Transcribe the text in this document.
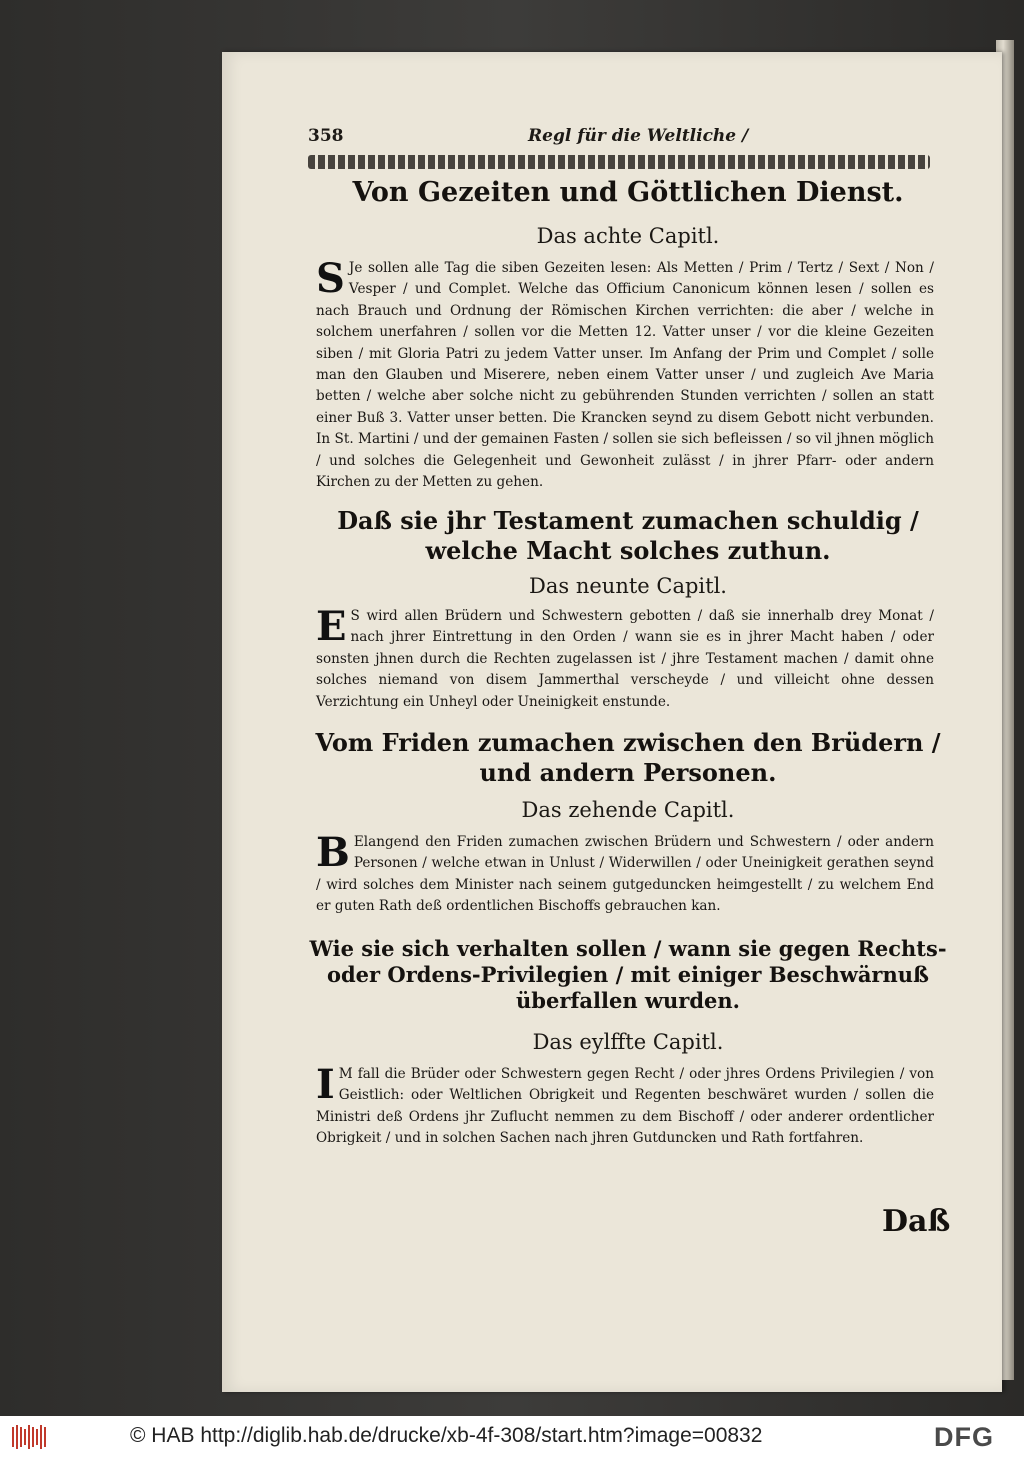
358	Regl für die Weltliche /
Von Gezeiten und Göttlichen Dienst.
Das achte Capitl.
S Je sollen alle Tag die siben Gezeiten lesen: Als Metten / Prim / Tertz / Sext / Non / Vesper / und Complet. Welche das Officium Canonicum können lesen / sollen es nach Brauch und Ordnung der Römischen Kirchen verrichten: die aber / welche in solchem unerfahren / sollen vor die Metten 12. Vatter unser / vor die kleine Gezeiten siben / mit Gloria Patri zu jedem Vatter unser. Im Anfang der Prim und Complet / solle man den Glauben und Miserere, neben einem Vatter unser / und zugleich Ave Maria betten / welche aber solche nicht zu gebührenden Stunden verrichten / sollen an statt einer Buß 3. Vatter unser betten. Die Krancken seynd zu disem Gebott nicht verbunden. In St. Martini / und der gemainen Fasten / sollen sie sich befleissen / so vil jhnen möglich / und solches die Gelegenheit und Gewonheit zulässt / in jhrer Pfarr- oder andern Kirchen zu der Metten zu gehen.
Daß sie jhr Testament zumachen schuldig / welche Macht solches zuthun.
Das neunte Capitl.
E S wird allen Brüdern und Schwestern gebotten / daß sie innerhalb drey Monat / nach jhrer Eintrettung in den Orden / wann sie es in jhrer Macht haben / oder sonsten jhnen durch die Rechten zugelassen ist / jhre Testament machen / damit ohne solches niemand von disem Jammerthal verscheyde / und villeicht ohne dessen Verzichtung ein Unheyl oder Uneinigkeit enstunde.
Vom Friden zumachen zwischen den Brüdern / und andern Personen.
Das zehende Capitl.
B Elangend den Friden zumachen zwischen Brüdern und Schwestern / oder andern Personen / welche etwan in Unlust / Widerwillen / oder Uneinigkeit gerathen seynd / wird solches dem Minister nach seinem gutgeduncken heimgestellt / zu welchem End er guten Rath deß ordentlichen Bischoffs gebrauchen kan.
Wie sie sich verhalten sollen / wann sie gegen Rechts- oder Ordens-Privilegien / mit einiger Beschwärnuß überfallen wurden.
Das eylffte Capitl.
I M fall die Brüder oder Schwestern gegen Recht / oder jhres Ordens Privilegien / von Geistlich: oder Weltlichen Obrigkeit und Regenten beschwäret wurden / sollen die Ministri deß Ordens jhr Zuflucht nemmen zu dem Bischoff / oder anderer ordentlicher Obrigkeit / und in solchen Sachen nach jhren Gutduncken und Rath fortfahren.
Daß
© HAB http://diglib.hab.de/drucke/xb-4f-308/start.htm?image=00832	DFG
